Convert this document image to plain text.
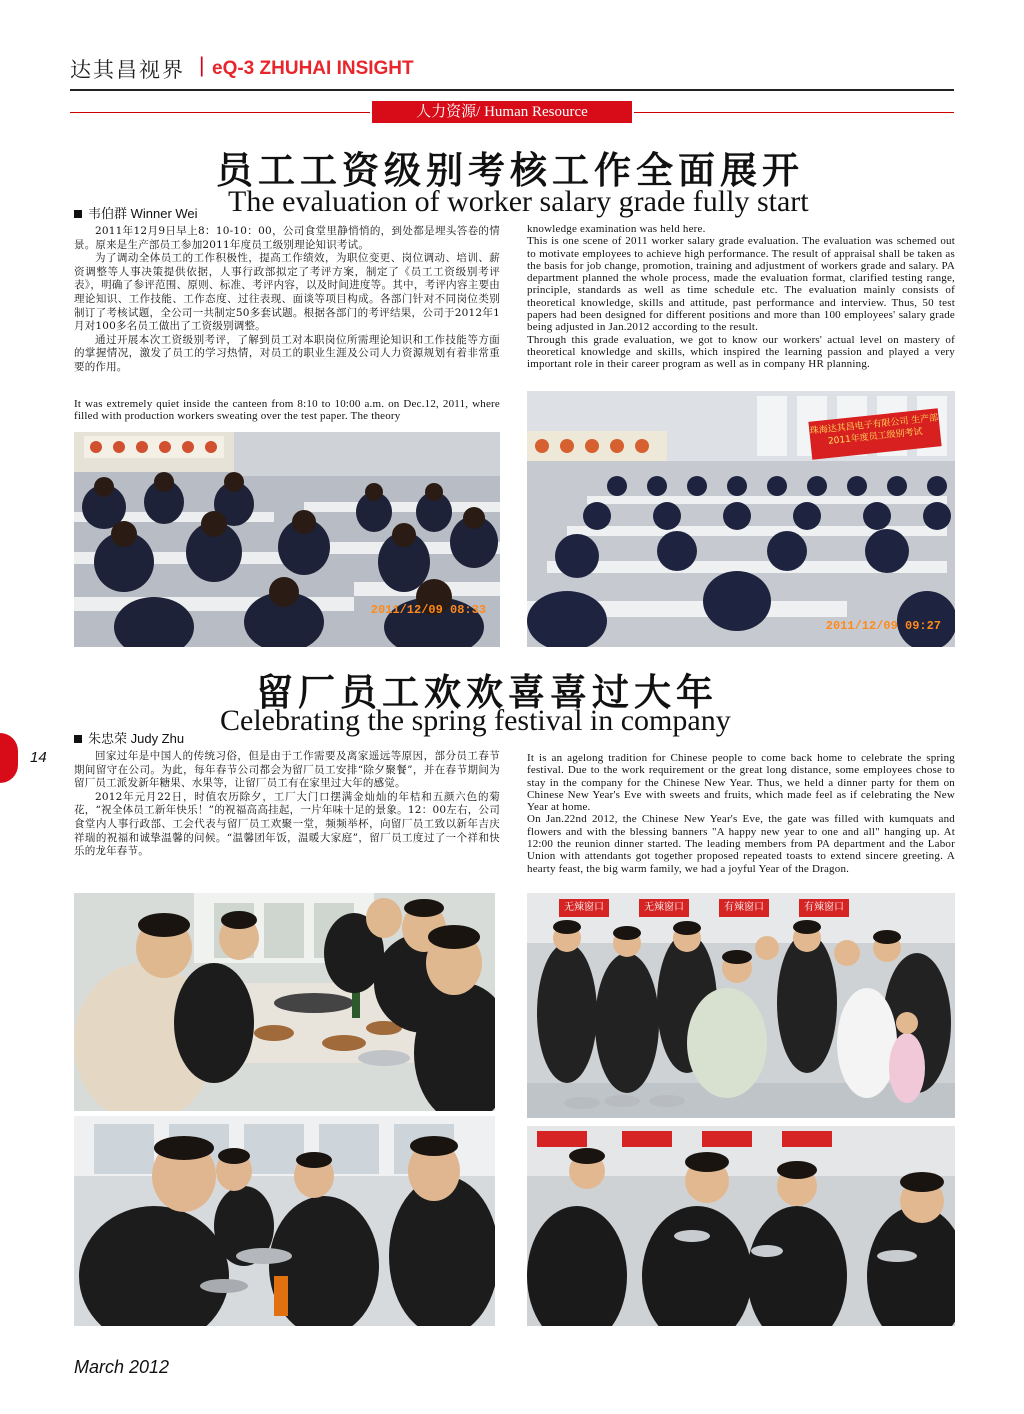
达其昌视界 | eQ-3 ZHUHAI INSIGHT
人力资源/ Human Resource
员工工资级别考核工作全面展开
韦伯群 Winner Wei The evaluation of worker salary grade fully start

2011年12月9日早上8：10-10：00，公司食堂里静悄悄的，到处都是埋头答卷的情景。原来是生产部员工参加2011年度员工级别理论知识考试。

为了调动全体员工的工作积极性，提高工作绩效，为职位变更、岗位调动、培训、薪资调整等人事决策提供依据，人事行政部拟定了考评方案，制定了《员工工资级别考评表》，明确了参评范围、原则、标准、考评内容，以及时间进度等。其中，考评内容主要由理论知识、工作技能、工作态度、过往表现、面谈等项目构成。各部门针对不同岗位类别制订了考核试题，全公司一共制定50多套试题。根据各部门的考评结果，公司于2012年1月对100多名员工做出了工资级别调整。

通过开展本次工资级别考评，了解到员工对本职岗位所需理论知识和工作技能等方面的掌握情况，激发了员工的学习热情，对员工的职业生涯及公司人力资源规划有着非常重要的作用。

It was extremely quiet inside the canteen from 8:10 to 10:00 a.m. on Dec.12, 2011, where filled with production workers sweating over the test paper. The theory

knowledge examination was held here.

This is one scene of 2011 worker salary grade evaluation. The evaluation was schemed out to motivate employees to achieve high performance. The result of appraisal shall be taken as the basis for job change, promotion, training and adjustment of workers grade and salary. PA department planned the whole process, made the evaluation format, clarified testing range, principle, standards as well as time schedule etc. The evaluation mainly consists of theoretical knowledge, skills and attitude, past performance and interview. Thus, 50 test papers had been designed for different positions and more than 100 employees' salary grade being adjusted in Jan.2012 according to the result.

Through this grade evaluation, we got to know our workers' actual level on mastery of theoretical knowledge and skills, which inspired the learning passion and played a very important role in their career program as well as in company HR planning.

2011/12/09 08:33
珠海达其昌电子有限公司 生产部2011年度员工级别考试
2011/12/09 09:27
留厂员工欢欢喜喜过大年
朱忠荣 Judy Zhu
Celebrating the spring festival in company
14	回家过年是中国人的传统习俗，但是由于工作需要及离家遥远等原因，部分员工春节期间留守在公司。为此，每年春节公司都会为留厂员工安排“除夕聚餐”，并在春节期间为留厂员工派发新年糖果、水果等，让留厂员工有在家里过大年的感觉。

2012年元月22日，时值农历除夕，工厂大门口摆满金灿灿的年桔和五颜六色的菊花，“祝全体员工新年快乐！”的祝福高高挂起，一片年味十足的景象。12：00左右，公司食堂内人事行政部、工会代表与留厂员工欢聚一堂，频频举杯，向留厂员工致以新年吉庆祥瑞的祝福和诚挚温馨的问候。“温馨团年饭，温暖大家庭”，留厂员工度过了一个祥和快乐的龙年春节。

It is an agelong tradition for Chinese people to come back home to celebrate the spring festival. Due to the work requirement or the great long distance, some employees chose to stay in the company for the Chinese New Year. Thus, we held a dinner party for them on Chinese New Year's Eve with sweets and fruits, which made feel as if celebrating the New Year at home.

On Jan.22nd 2012, the Chinese New Year's Eve, the gate was filled with kumquats and flowers and with the blessing banners "A happy new year to one and all" hanging up. At 12:00 the reunion dinner started. The leading members from PA department and the Labor Union with attendants got together proposed repeated toasts to extend sincere greeting. A hearty feast, the big warm family, we had a joyful Year of the Dragon.

无辣窗口	无辣窗口	有辣窗口	有辣窗口
March 2012
